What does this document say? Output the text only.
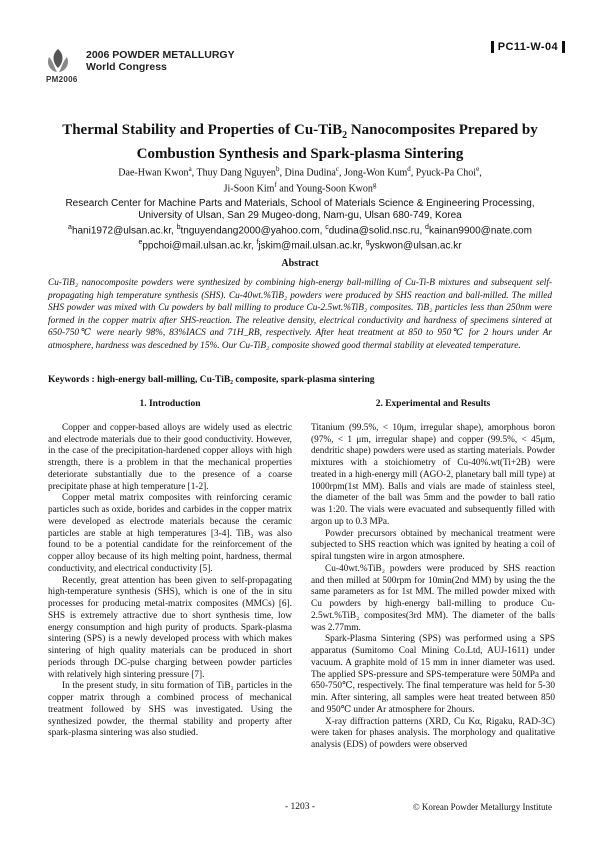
PM2006
2006 POWDER METALLURGY
World Congress
PC11-W-04
Thermal Stability and Properties of Cu-TiB$_2$ Nanocomposites Prepared by
Combustion Synthesis and Spark-plasma Sintering
Dae-Hwan Kwon$^a$, Thuy Dang Nguyen$^b$, Dina Dudina$^c$, Jong-Won Kum$^d$, Pyuck-Pa Choi$^e$,
Ji-Soon Kim$^f$ and Young-Soon Kwon$^g$
Research Center for Machine Parts and Materials, School of Materials Science & Engineering Processing,
University of Ulsan, San 29 Mugeo-dong, Nam-gu, Ulsan 680-749, Korea
$^a$hani1972@ulsan.ac.kr, $^b$tnguyendang2000@yahoo.com, $^c$dudina@solid.nsc.ru, $^d$kainan9900@nate.com
$^e$ppchoi@mail.ulsan.ac.kr, $^f$jskim@mail.ulsan.ac.kr, $^g$yskwon@ulsan.ac.kr
Abstract
Cu-TiB₂ nanocomposite powders were synthesized by combining high-energy ball-milling of Cu-Ti-B mixtures and subsequent self-propagating high temperature synthesis (SHS). Cu-40wt.%TiB₂ powders were produced by SHS reaction and ball-milled. The milled SHS powder was mixed with Cu powders by ball milling to produce Cu-2.5wt.%TiB₂ composites. TiB₂ particles less than 250nm were formed in the copper matrix after SHS-reaction. The releative density, electrical conductivity and hardness of specimens sintered at 650-750℃ were nearly 98%, 83%IACS and 71H_RB, respectively. After heat treatment at 850 to 950℃ for 2 hours under Ar atmosphere, hardness was descedned by 15%. Our Cu-TiB₂ composite showed good thermal stability at eleveated temperature.
Keywords : high-energy ball-milling, Cu-TiB₂ composite, spark-plasma sintering
1. Introduction

Copper and copper-based alloys are widely used as electric and electrode materials due to their good conductivity. However, in the case of the precipitation-hardened copper alloys with high strength, there is a problem in that the mechanical properties deteriorate substantially due to the presence of a coarse precipitate phase at high temperature [1-2].

Copper metal matrix composites with reinforcing ceramic particles such as oxide, borides and carbides in the copper matrix were developed as electrode materials because the ceramic particles are stable at high temperatures [3-4]. TiB₂ was also found to be a potential candidate for the reinforcement of the copper alloy because of its high melting point, hardness, thermal conductivity, and electrical conductivity [5].

Recently, great attention has been given to self-propagating high-temperature synthesis (SHS), which is one of the in situ processes for producing metal-matrix composites (MMCs) [6]. SHS is extremely attractive due to short synthesis time, low energy consumption and high purity of products. Spark-plasma sintering (SPS) is a newly developed process with which makes sintering of high quality materials can be produced in short periods through DC-pulse charging between powder particles with relatively high sintering pressure [7].

In the present study, in situ formation of TiB₂ particles in the copper matrix through a combined process of mechanical treatment followed by SHS was investigated. Using the synthesized powder, the thermal stability and property after spark-plasma sintering was also studied.

2. Experimental and Results

Titanium (99.5%, < 10μm, irregular shape), amorphous boron (97%, < 1 μm, irregular shape) and copper (99.5%, < 45μm, dendritic shape) powders were used as starting materials. Powder mixtures with a stoichiometry of Cu-40%.wt(Ti+2B) were treated in a high-energy mill (AGO-2, planetary ball mill type) at 1000rpm(1st MM). Balls and vials are made of stainless steel, the diameter of the ball was 5mm and the powder to ball ratio was 1:20. The vials were evacuated and subsequently filled with argon up to 0.3 MPa.

Powder precursors obtained by mechanical treatment were subjected to SHS reaction which was ignited by heating a coil of spiral tungsten wire in argon atmosphere.

Cu-40wt.%TiB₂ powders were produced by SHS reaction and then milled at 500rpm for 10min(2nd MM) by using the the same parameters as for 1st MM. The milled powder mixed with Cu powders by high-energy ball-milling to produce Cu-2.5wt.%TiB₂ composites(3rd MM). The diameter of the balls was 2.77mm.

Spark-Plasma Sintering (SPS) was performed using a SPS apparatus (Sumitomo Coal Mining Co.Ltd, AUJ-1611) under vacuum. A graphite mold of 15 mm in inner diameter was used. The applied SPS-pressure and SPS-temperature were 50MPa and 650-750℃, respectively. The final temperature was held for 5-30 min. After sintering, all samples were heat treated between 850 and 950℃ under Ar atmosphere for 2hours.

X-ray diffraction patterns (XRD, Cu Kα, Rigaku, RAD-3C) were taken for phases analysis. The morphology and qualitative analysis (EDS) of powders were observed

- 1203 -	© Korean Powder Metallurgy Institute
